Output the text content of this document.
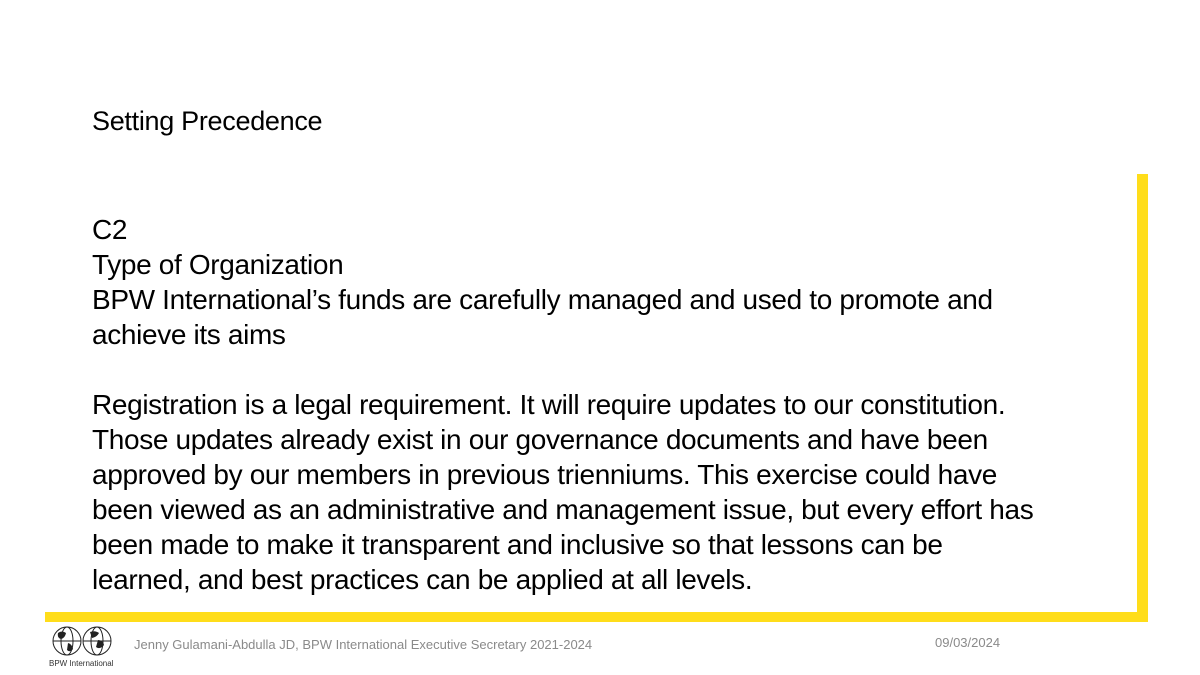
Setting Precedence
C2
Type of Organization
BPW International’s funds are carefully managed and used to promote and
achieve its aims
Registration is a legal requirement. It will require updates to our constitution.
Those updates already exist in our governance documents and have been
approved by our members in previous trienniums. This exercise could have
been viewed as an administrative and management issue, but every effort has
been made to make it transparent and inclusive so that lessons can be
learned, and best practices can be applied at all levels.
BPW International
Jenny Gulamani-Abdulla JD, BPW International Executive Secretary 2021-2024	09/03/2024
